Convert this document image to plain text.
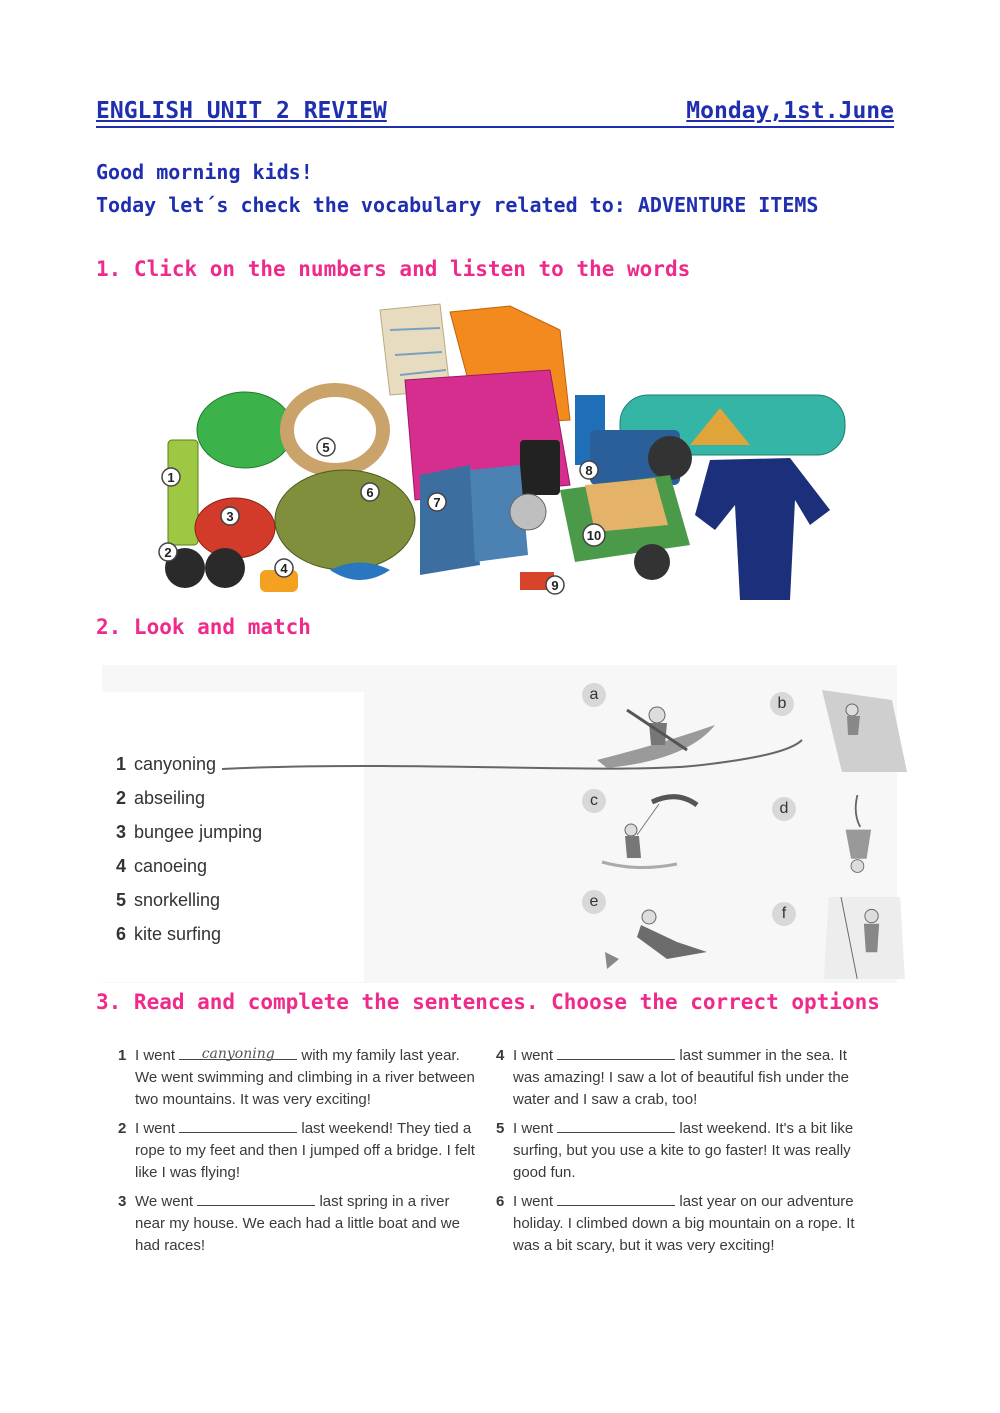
ENGLISH UNIT 2 REVIEW	Monday,1st.June
Good morning kids!
Today let´s check the vocabulary related to: ADVENTURE ITEMS
1. Click on the numbers and listen to the words
1
2
3
4
5
6
7
8
9
10
2. Look and match
1 canyoning
2 abseiling
3 bungee jumping
4 canoeing
5 snorkelling
6 kite surfing
a
b
c	d
e
f
3. Read and complete the sentences. Choose the correct options
1 I went canyoning with my family last year. We went swimming and climbing in a river between two mountains. It was very exciting!
2 I went	last weekend! They tied a rope to my feet and then I jumped off a bridge. I felt like I was flying!
3 We went	last spring in a river near my house. We each had a little boat and we had races!
4 I went	last summer in the sea. It was amazing! I saw a lot of beautiful fish under the water and I saw a crab, too!
5 I went	last weekend. It's a bit like surfing, but you use a kite to go faster! It was really good fun.
6 I went	last year on our adventure holiday. I climbed down a big mountain on a rope. It was a bit scary, but it was very exciting!
